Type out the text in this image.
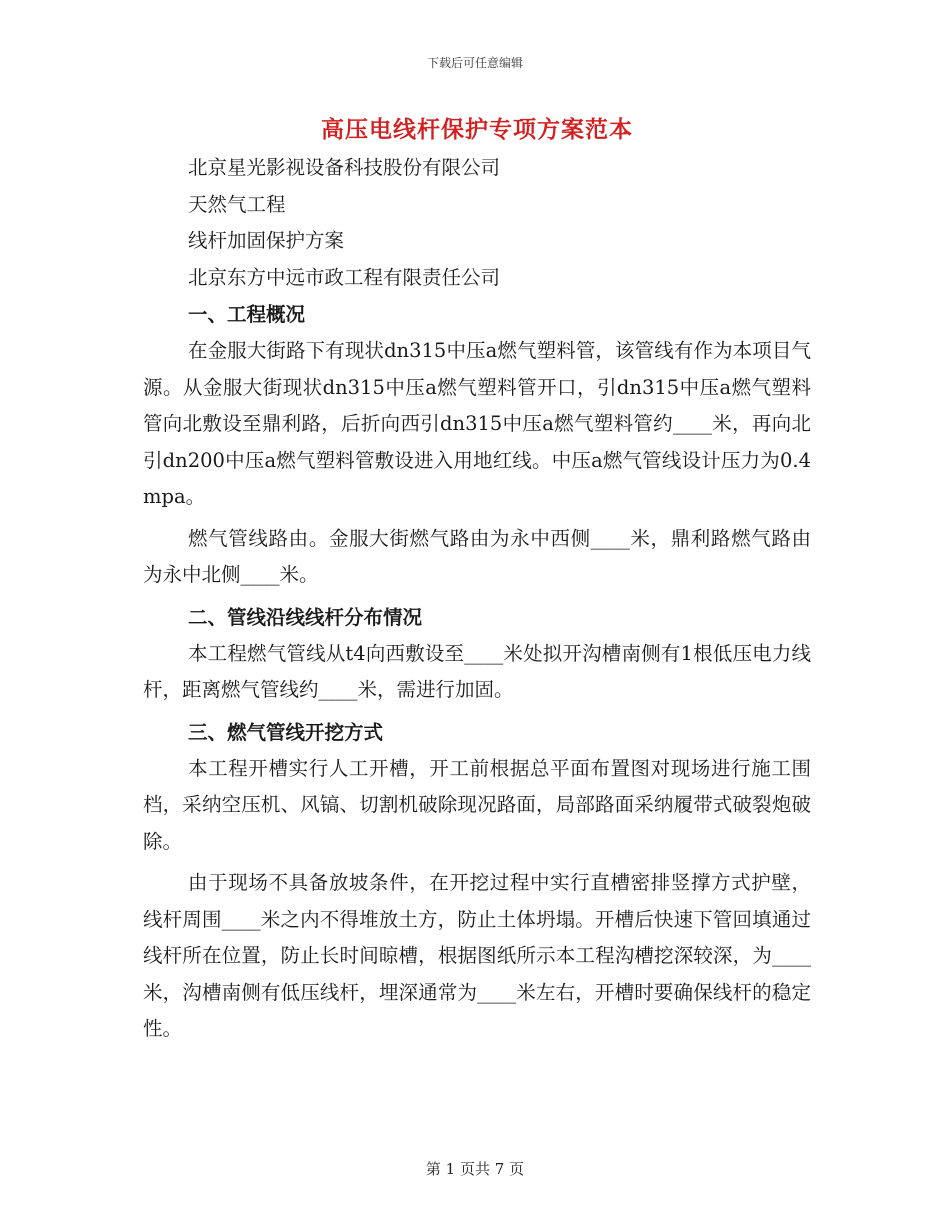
下载后可任意编辑
高压电线杆保护专项方案范本

北京星光影视设备科技股份有限公司

天然气工程

线杆加固保护方案

北京东方中远市政工程有限责任公司

一、工程概况

在金服大街路下有现状dn315中压a燃气塑料管，该管线有作为本项目气源。从金服大街现状dn315中压a燃气塑料管开口，引dn315中压a燃气塑料管向北敷设至鼎利路，后折向西引dn315中压a燃气塑料管约____米，再向北引dn200中压a燃气塑料管敷设进入用地红线。中压a燃气管线设计压力为0.4mpa。

燃气管线路由。金服大街燃气路由为永中西侧____米，鼎利路燃气路由为永中北侧____米。

二、管线沿线线杆分布情况

本工程燃气管线从t4向西敷设至____米处拟开沟槽南侧有1根低压电力线杆，距离燃气管线约____米，需进行加固。

三、燃气管线开挖方式

本工程开槽实行人工开槽，开工前根据总平面布置图对现场进行施工围档，采纳空压机、风镐、切割机破除现况路面，局部路面采纳履带式破裂炮破除。

由于现场不具备放坡条件，在开挖过程中实行直槽密排竖撑方式护壁，线杆周围____米之内不得堆放土方，防止土体坍塌。开槽后快速下管回填通过线杆所在位置，防止长时间晾槽，根据图纸所示本工程沟槽挖深较深，为____米，沟槽南侧有低压线杆，埋深通常为____米左右，开槽时要确保线杆的稳定性。

第 1 页共 7 页
